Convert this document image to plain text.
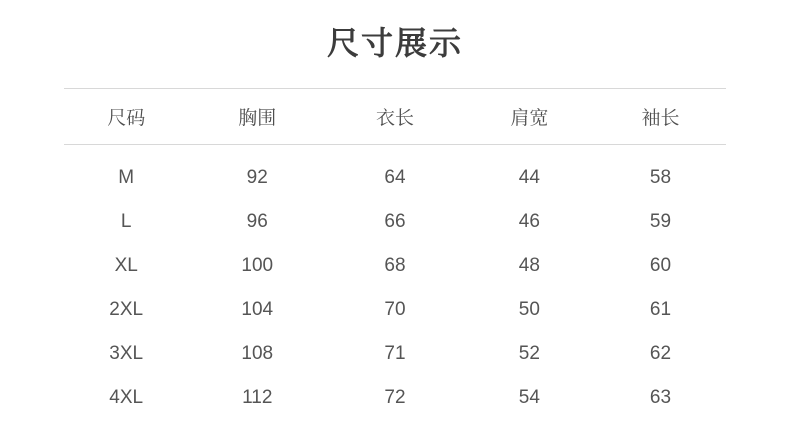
尺寸展示
尺码	胸围	衣长	肩宽	袖长
M	92	64	44	58
L	96	66	46	59
XL	100	68	48	60
2XL	104	70	50	61
3XL	108	71	52	62
4XL	112	72	54	63
